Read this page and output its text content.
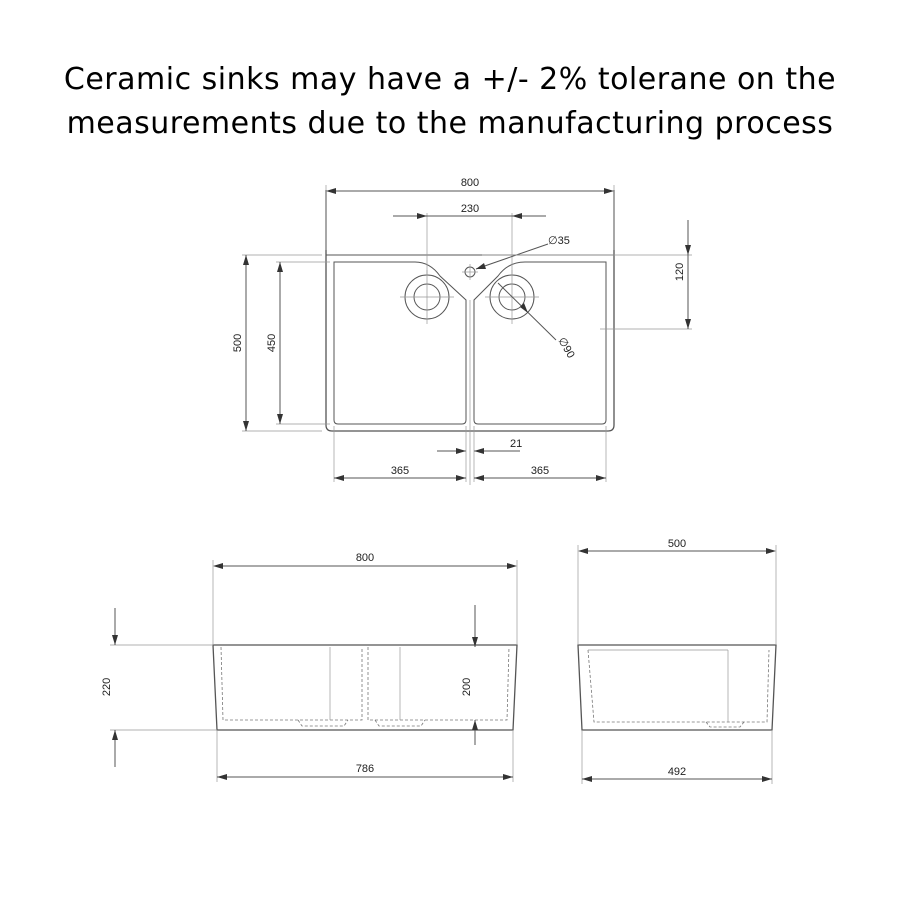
Ceramic sinks may have a +/- 2% tolerane on the
measurements due to the manufacturing process
800
230
∅35
120
∅90
500 450
21
365	365
800
220	200
786
500
492
